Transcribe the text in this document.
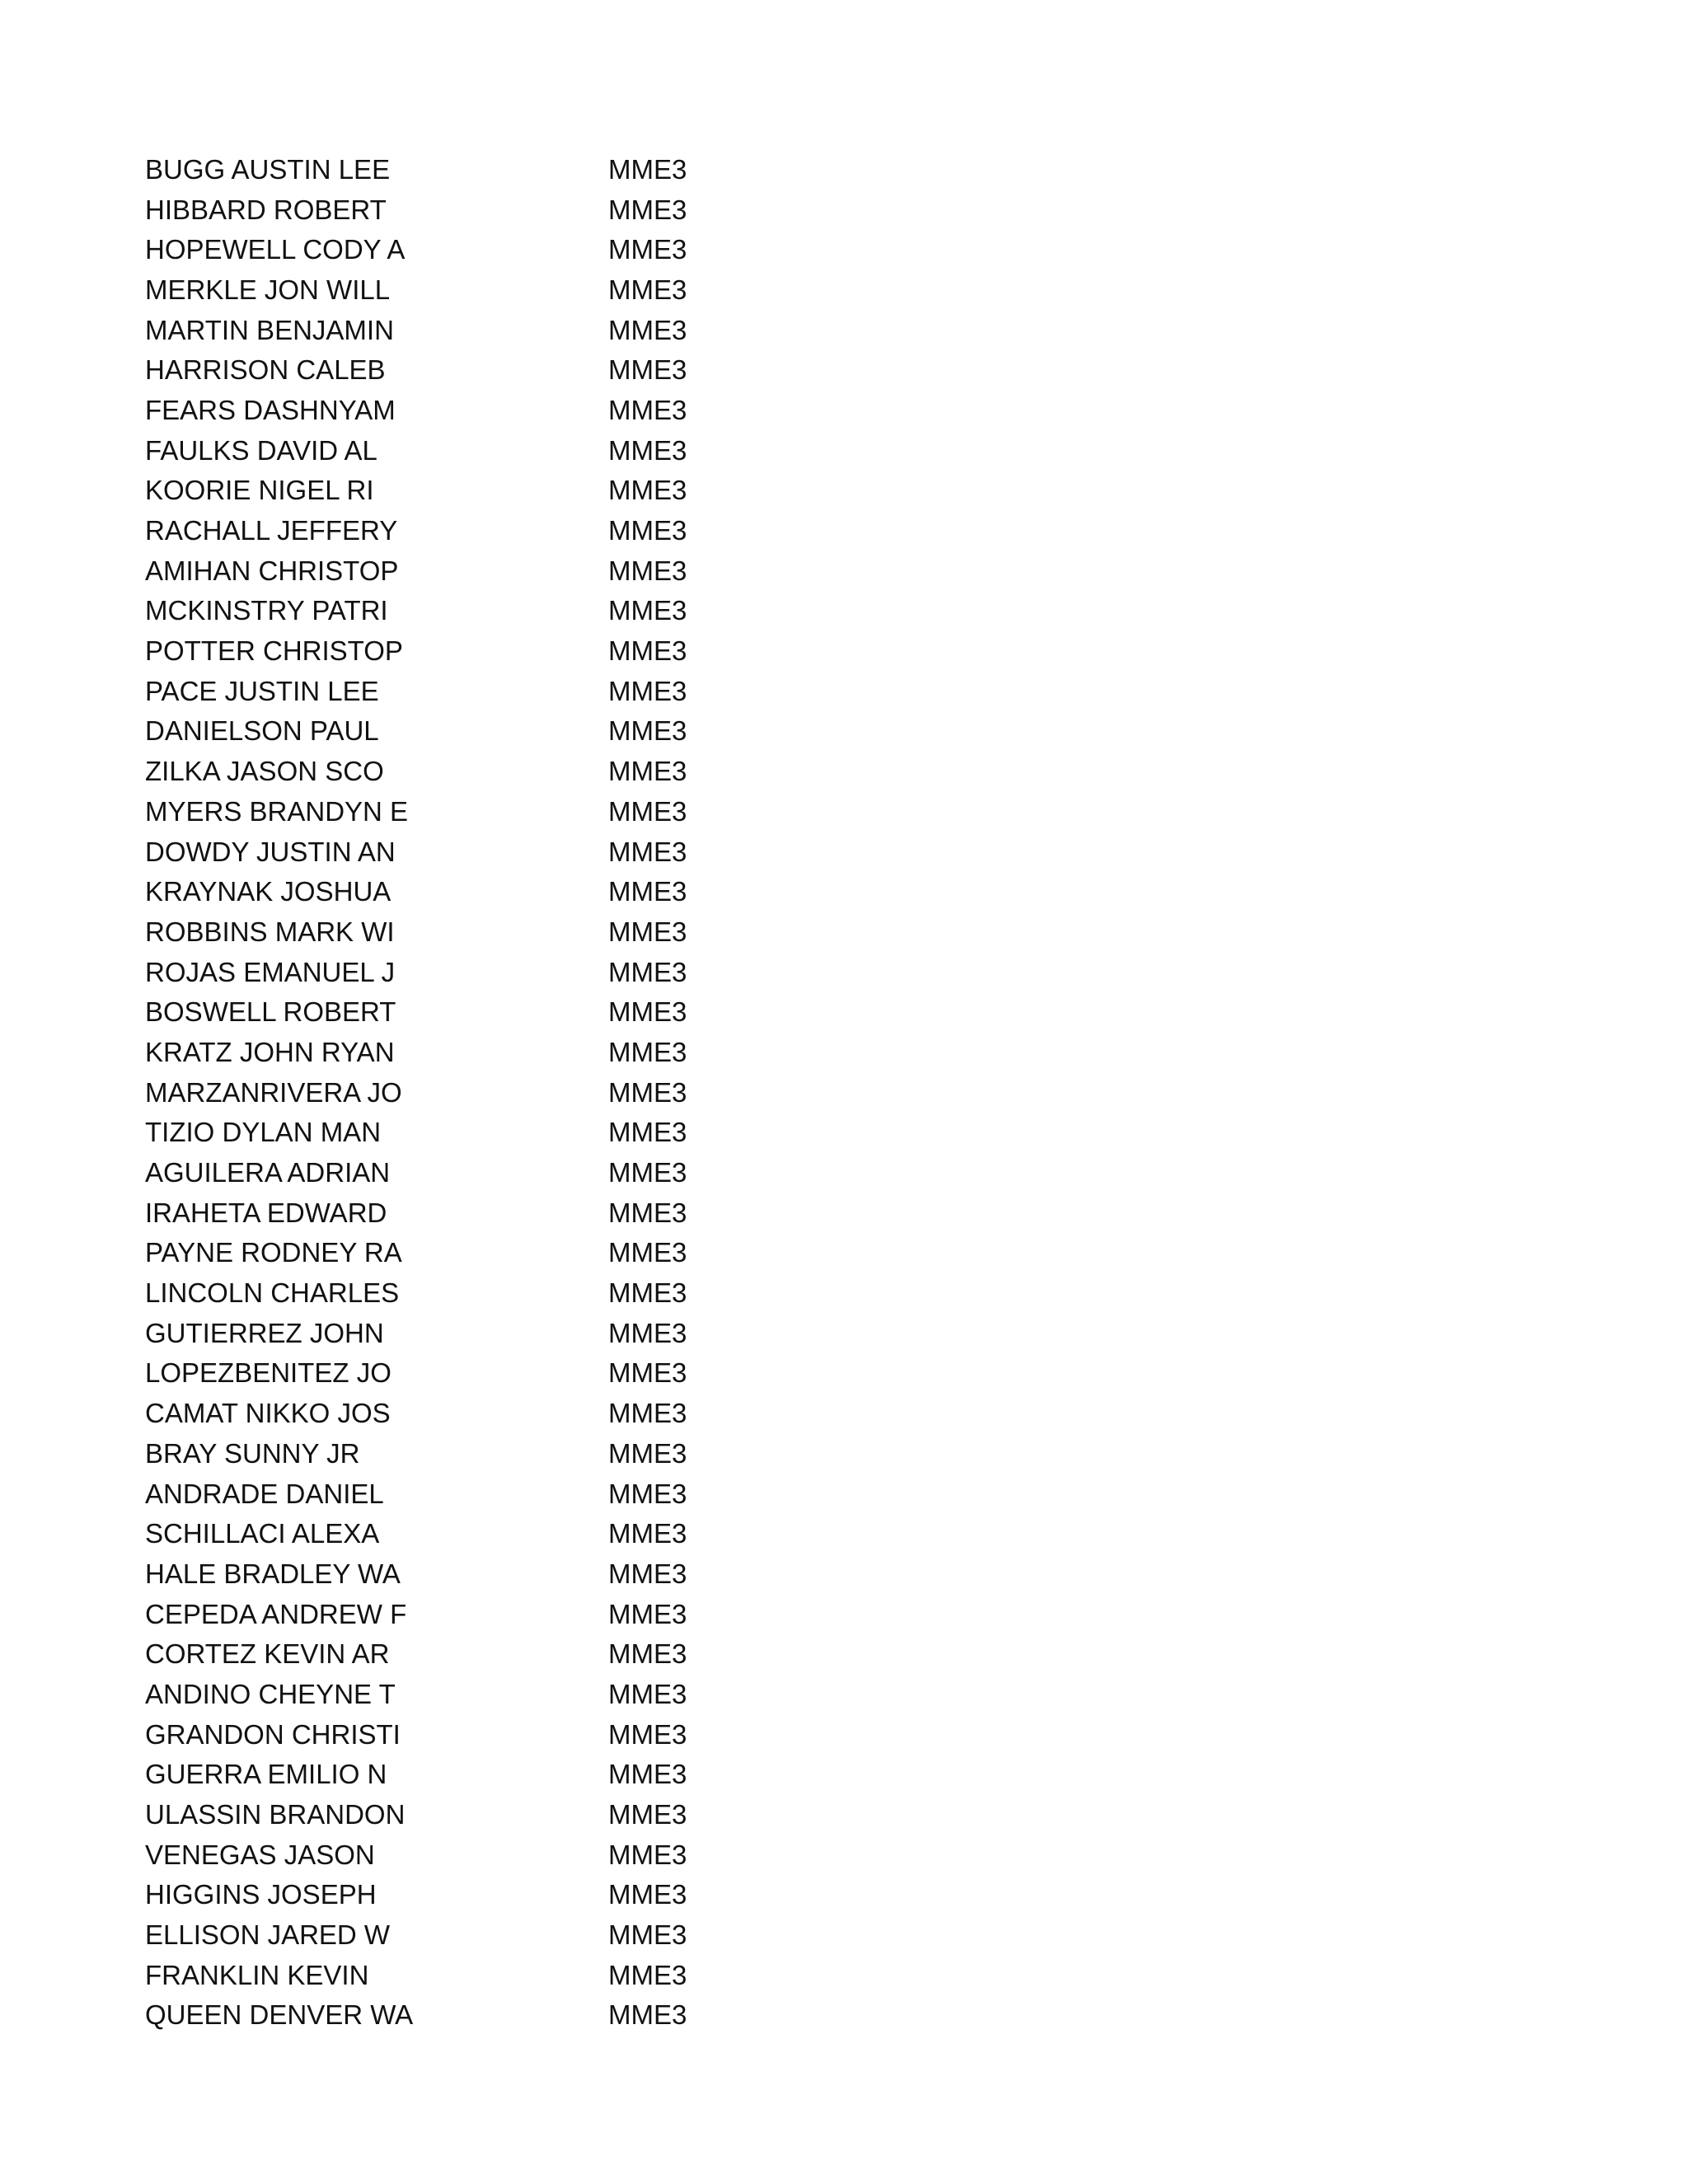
BUGG AUSTIN LEE	MME3
HIBBARD ROBERT	MME3
HOPEWELL CODY A	MME3
MERKLE JON WILL	MME3
MARTIN BENJAMIN	MME3
HARRISON CALEB	MME3
FEARS DASHNYAM	MME3
FAULKS DAVID AL	MME3
KOORIE NIGEL RI	MME3
RACHALL JEFFERY	MME3
AMIHAN CHRISTOP	MME3
MCKINSTRY PATRI	MME3
POTTER CHRISTOP	MME3
PACE JUSTIN LEE	MME3
DANIELSON PAUL	MME3
ZILKA JASON SCO	MME3
MYERS BRANDYN E	MME3
DOWDY JUSTIN AN	MME3
KRAYNAK JOSHUA	MME3
ROBBINS MARK WI	MME3
ROJAS EMANUEL J	MME3
BOSWELL ROBERT	MME3
KRATZ JOHN RYAN	MME3
MARZANRIVERA JO	MME3
TIZIO DYLAN MAN	MME3
AGUILERA ADRIAN	MME3
IRAHETA EDWARD	MME3
PAYNE RODNEY RA	MME3
LINCOLN CHARLES	MME3
GUTIERREZ JOHN	MME3
LOPEZBENITEZ JO	MME3
CAMAT NIKKO JOS	MME3
BRAY SUNNY JR	MME3
ANDRADE DANIEL	MME3
SCHILLACI ALEXA	MME3
HALE BRADLEY WA	MME3
CEPEDA ANDREW F	MME3
CORTEZ KEVIN AR	MME3
ANDINO CHEYNE T	MME3
GRANDON CHRISTI	MME3
GUERRA EMILIO N	MME3
ULASSIN BRANDON	MME3
VENEGAS JASON	MME3
HIGGINS JOSEPH	MME3
ELLISON JARED W	MME3
FRANKLIN KEVIN	MME3
QUEEN DENVER WA	MME3
